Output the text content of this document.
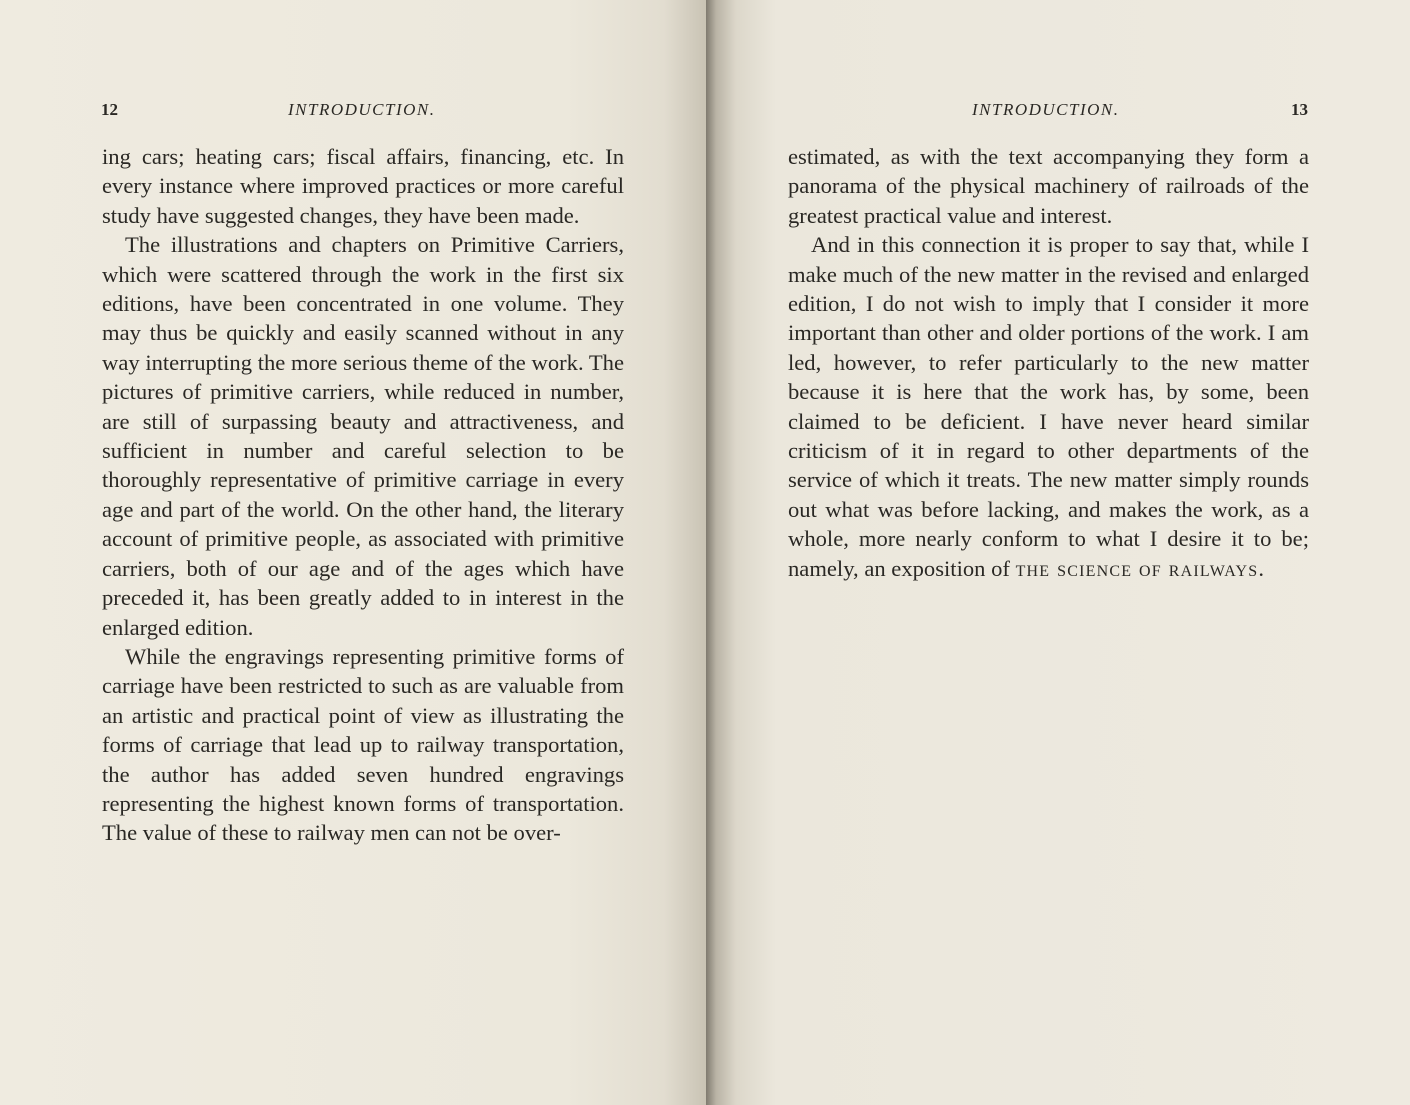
12	INTRODUCTION.

ing cars; heating cars; fiscal affairs, financing, etc. In every instance where improved practices or more careful study have suggested changes, they have been made.

The illustrations and chapters on Primitive Carriers, which were scattered through the work in the first six editions, have been concentrated in one volume. They may thus be quickly and easily scanned without in any way interrupting the more serious theme of the work. The pictures of primitive carriers, while reduced in number, are still of surpassing beauty and attractiveness, and sufficient in number and careful selection to be thoroughly representative of primitive carriage in every age and part of the world. On the other hand, the literary account of primitive people, as associated with primitive carriers, both of our age and of the ages which have preceded it, has been greatly added to in interest in the enlarged edition.

While the engravings representing primitive forms of carriage have been restricted to such as are valuable from an artistic and practical point of view as illustrating the forms of carriage that lead up to railway transportation, the author has added seven hundred engravings representing the highest known forms of transportation. The value of these to railway men can not be over-

INTRODUCTION.	13

estimated, as with the text accompanying they form a panorama of the physical machinery of railroads of the greatest practical value and interest.

And in this connection it is proper to say that, while I make much of the new matter in the revised and enlarged edition, I do not wish to imply that I consider it more important than other and older portions of the work. I am led, however, to refer particularly to the new matter because it is here that the work has, by some, been claimed to be deficient. I have never heard similar criticism of it in regard to other departments of the service of which it treats. The new matter simply rounds out what was before lacking, and makes the work, as a whole, more nearly conform to what I desire it to be; namely, an exposition of the science of railways.
